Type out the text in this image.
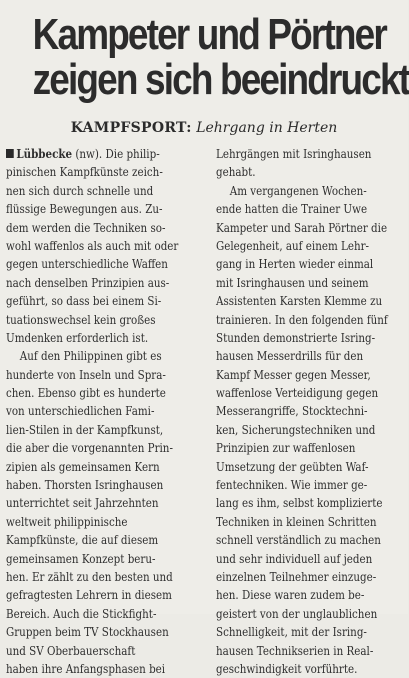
Kampeter und Pörtner
zeigen sich beeindruckt
KAMPFSPORT: Lehrgang in Herten
Lübbecke (nw). Die philip-
pinischen Kampfkünste zeich-
nen sich durch schnelle und
flüssige Bewegungen aus. Zu-
dem werden die Techniken so-
wohl waffenlos als auch mit oder
gegen unterschiedliche Waffen
nach denselben Prinzipien aus-
geführt, so dass bei einem Si-
tuationswechsel kein großes
Umdenken erforderlich ist.
Auf den Philippinen gibt es
hunderte von Inseln und Spra-
chen. Ebenso gibt es hunderte
von unterschiedlichen Fami-
lien-Stilen in der Kampfkunst,
die aber die vorgenannten Prin-
zipien als gemeinsamen Kern
haben. Thorsten Isringhausen
unterrichtet seit Jahrzehnten
weltweit philippinische
Kampfkünste, die auf diesem
gemeinsamen Konzept beru-
hen. Er zählt zu den besten und
gefragtesten Lehrern in diesem
Bereich. Auch die Stickfight-
Gruppen beim TV Stockhausen
und SV Oberbauerschaft
haben ihre Anfangsphasen bei
Lehrgängen mit Isringhausen
gehabt.
Am vergangenen Wochen-
ende hatten die Trainer Uwe
Kampeter und Sarah Pörtner die
Gelegenheit, auf einem Lehr-
gang in Herten wieder einmal
mit Isringhausen und seinem
Assistenten Karsten Klemme zu
trainieren. In den folgenden fünf
Stunden demonstrierte Isring-
hausen Messerdrills für den
Kampf Messer gegen Messer,
waffenlose Verteidigung gegen
Messerangriffe, Stocktechni-
ken, Sicherungstechniken und
Prinzipien zur waffenlosen
Umsetzung der geübten Waf-
fentechniken. Wie immer ge-
lang es ihm, selbst komplizierte
Techniken in kleinen Schritten
schnell verständlich zu machen
und sehr individuell auf jeden
einzelnen Teilnehmer einzuge-
hen. Diese waren zudem be-
geistert von der unglaublichen
Schnelligkeit, mit der Isring-
hausen Technikserien in Real-
geschwindigkeit vorführte.
